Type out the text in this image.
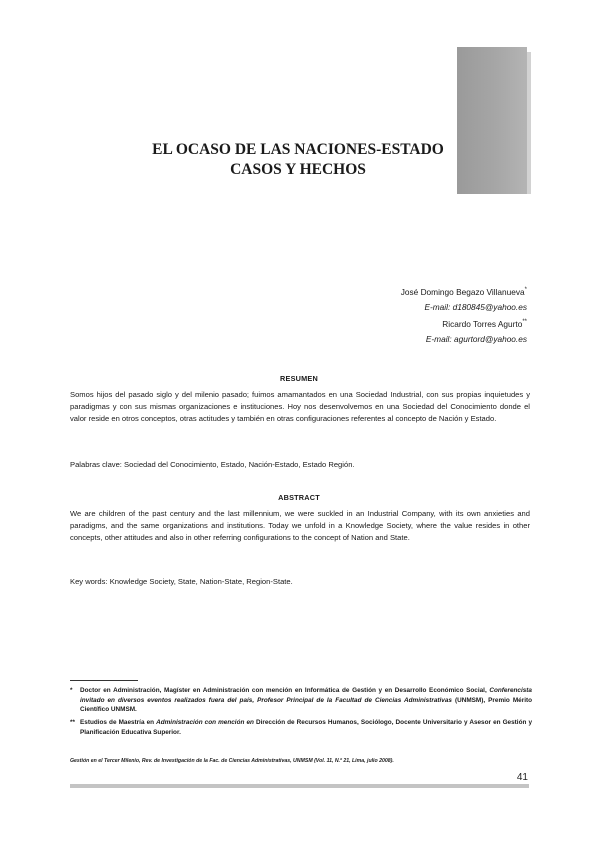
EL OCASO DE LAS NACIONES-ESTADO
CASOS Y HECHOS
José Domingo Begazo Villanueva*
E-mail: d180845@yahoo.es
Ricardo Torres Agurto**
E-mail: agurtord@yahoo.es
RESUMEN
Somos hijos del pasado siglo y del milenio pasado; fuimos amamantados en una Sociedad Industrial, con sus propias inquietudes y paradigmas y con sus mismas organizaciones e instituciones. Hoy nos desenvolvemos en una Sociedad del Conocimiento donde el valor reside en otros conceptos, otras actitudes y también en otras configuraciones referentes al concepto de Nación y Estado.
Palabras clave: Sociedad del Conocimiento, Estado, Nación-Estado, Estado Región.
ABSTRACT
We are children of the past century and the last millennium, we were suckled in an Industrial Company, with its own anxieties and paradigms, and the same organizations and institutions. Today we unfold in a Knowledge Society, where the value resides in other concepts, other attitudes and also in other referring configurations to the concept of Nation and State.
Key words: Knowledge Society, State, Nation-State, Region-State.
*	Doctor en Administración, Magíster en Administración con mención en Informática de Gestión y en Desarrollo Económico Social, Conferencista invitado en diversos eventos realizados fuera del país, Profesor Principal de la Facultad de Ciencias Administrativas (UNMSM), Premio Mérito Científico UNMSM.
** Estudios de Maestría en Administración con mención en Dirección de Recursos Humanos, Sociólogo, Docente Universitario y Asesor en Gestión y Planificación Educativa Superior.
Gestión en el Tercer Milenio, Rev. de Investigación de la Fac. de Ciencias Administrativas, UNMSM (Vol. 11, N.º 21, Lima, julio 2008).
41
